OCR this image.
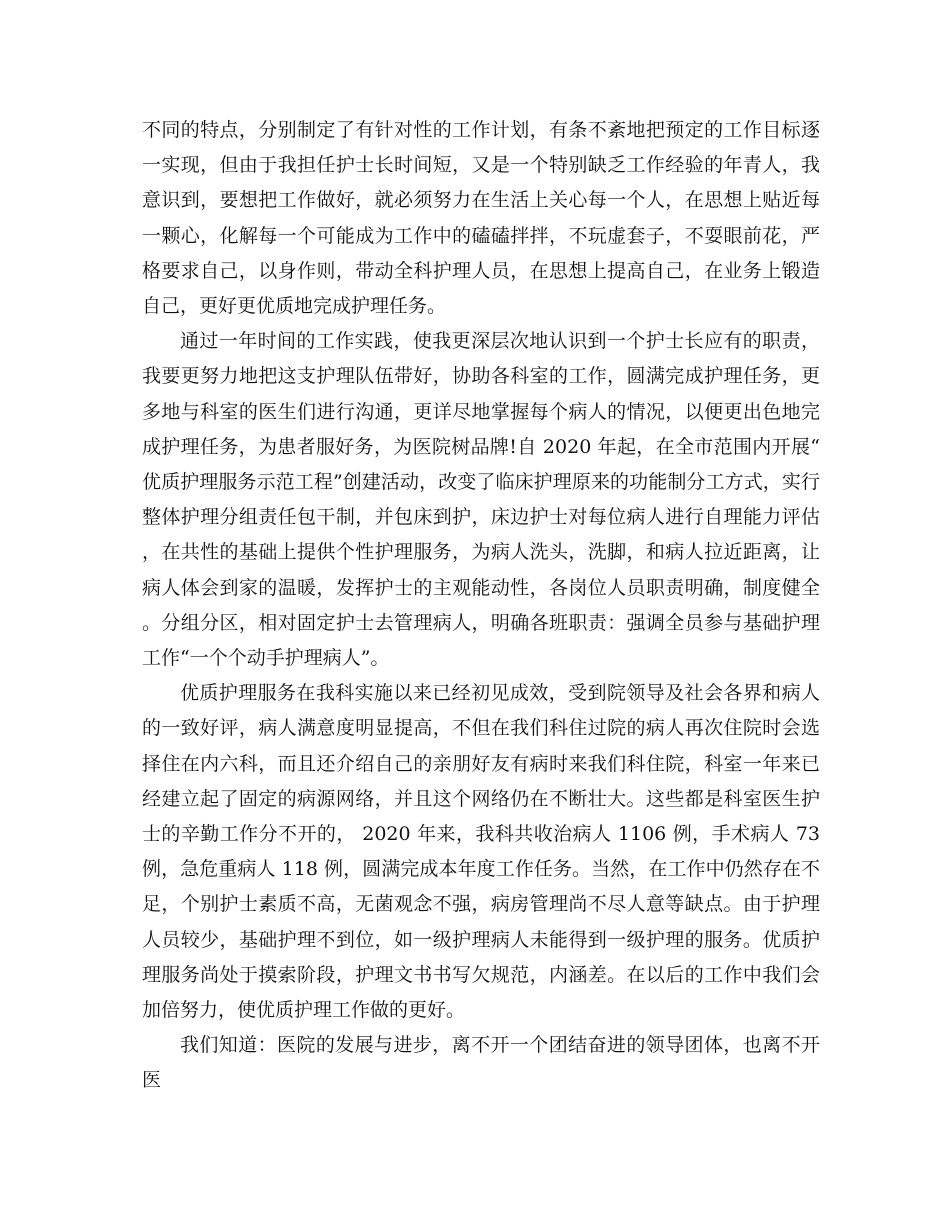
不同的特点，分别制定了有针对性的工作计划，有条不紊地把预定的工作目标逐一实现，但由于我担任护士长时间短，又是一个特别缺乏工作经验的年青人，我意识到，要想把工作做好，就必须努力在生活上关心每一个人，在思想上贴近每一颗心，化解每一个可能成为工作中的磕磕拌拌，不玩虚套子，不耍眼前花，严格要求自己，以身作则，带动全科护理人员，在思想上提高自己，在业务上锻造自己，更好更优质地完成护理任务。

通过一年时间的工作实践，使我更深层次地认识到一个护士长应有的职责，我要更努力地把这支护理队伍带好，协助各科室的工作，圆满完成护理任务，更多地与科室的医生们进行沟通，更详尽地掌握每个病人的情况，以便更出色地完成护理任务，为患者服好务，为医院树品牌!自 2020 年起，在全市范围内开展“优质护理服务示范工程”创建活动，改变了临床护理原来的功能制分工方式，实行整体护理分组责任包干制，并包床到护，床边护士对每位病人进行自理能力评估，在共性的基础上提供个性护理服务，为病人洗头，洗脚，和病人拉近距离，让病人体会到家的温暖，发挥护士的主观能动性，各岗位人员职责明确，制度健全。分组分区，相对固定护士去管理病人，明确各班职责：强调全员参与基础护理工作“一个个动手护理病人”。

优质护理服务在我科实施以来已经初见成效，受到院领导及社会各界和病人的一致好评，病人满意度明显提高，不但在我们科住过院的病人再次住院时会选择住在内六科，而且还介绍自己的亲朋好友有病时来我们科住院，科室一年来已经建立起了固定的病源网络，并且这个网络仍在不断壮大。这些都是科室医生护士的辛勤工作分不开的， 2020 年来，我科共收治病人 1106 例，手术病人 73 例，急危重病人 118 例，圆满完成本年度工作任务。当然，在工作中仍然存在不足，个别护士素质不高，无菌观念不强，病房管理尚不尽人意等缺点。由于护理人员较少，基础护理不到位，如一级护理病人未能得到一级护理的服务。优质护理服务尚处于摸索阶段，护理文书书写欠规范，内涵差。在以后的工作中我们会加倍努力，使优质护理工作做的更好。

我们知道：医院的发展与进步，离不开一个团结奋进的领导团体，也离不开医
